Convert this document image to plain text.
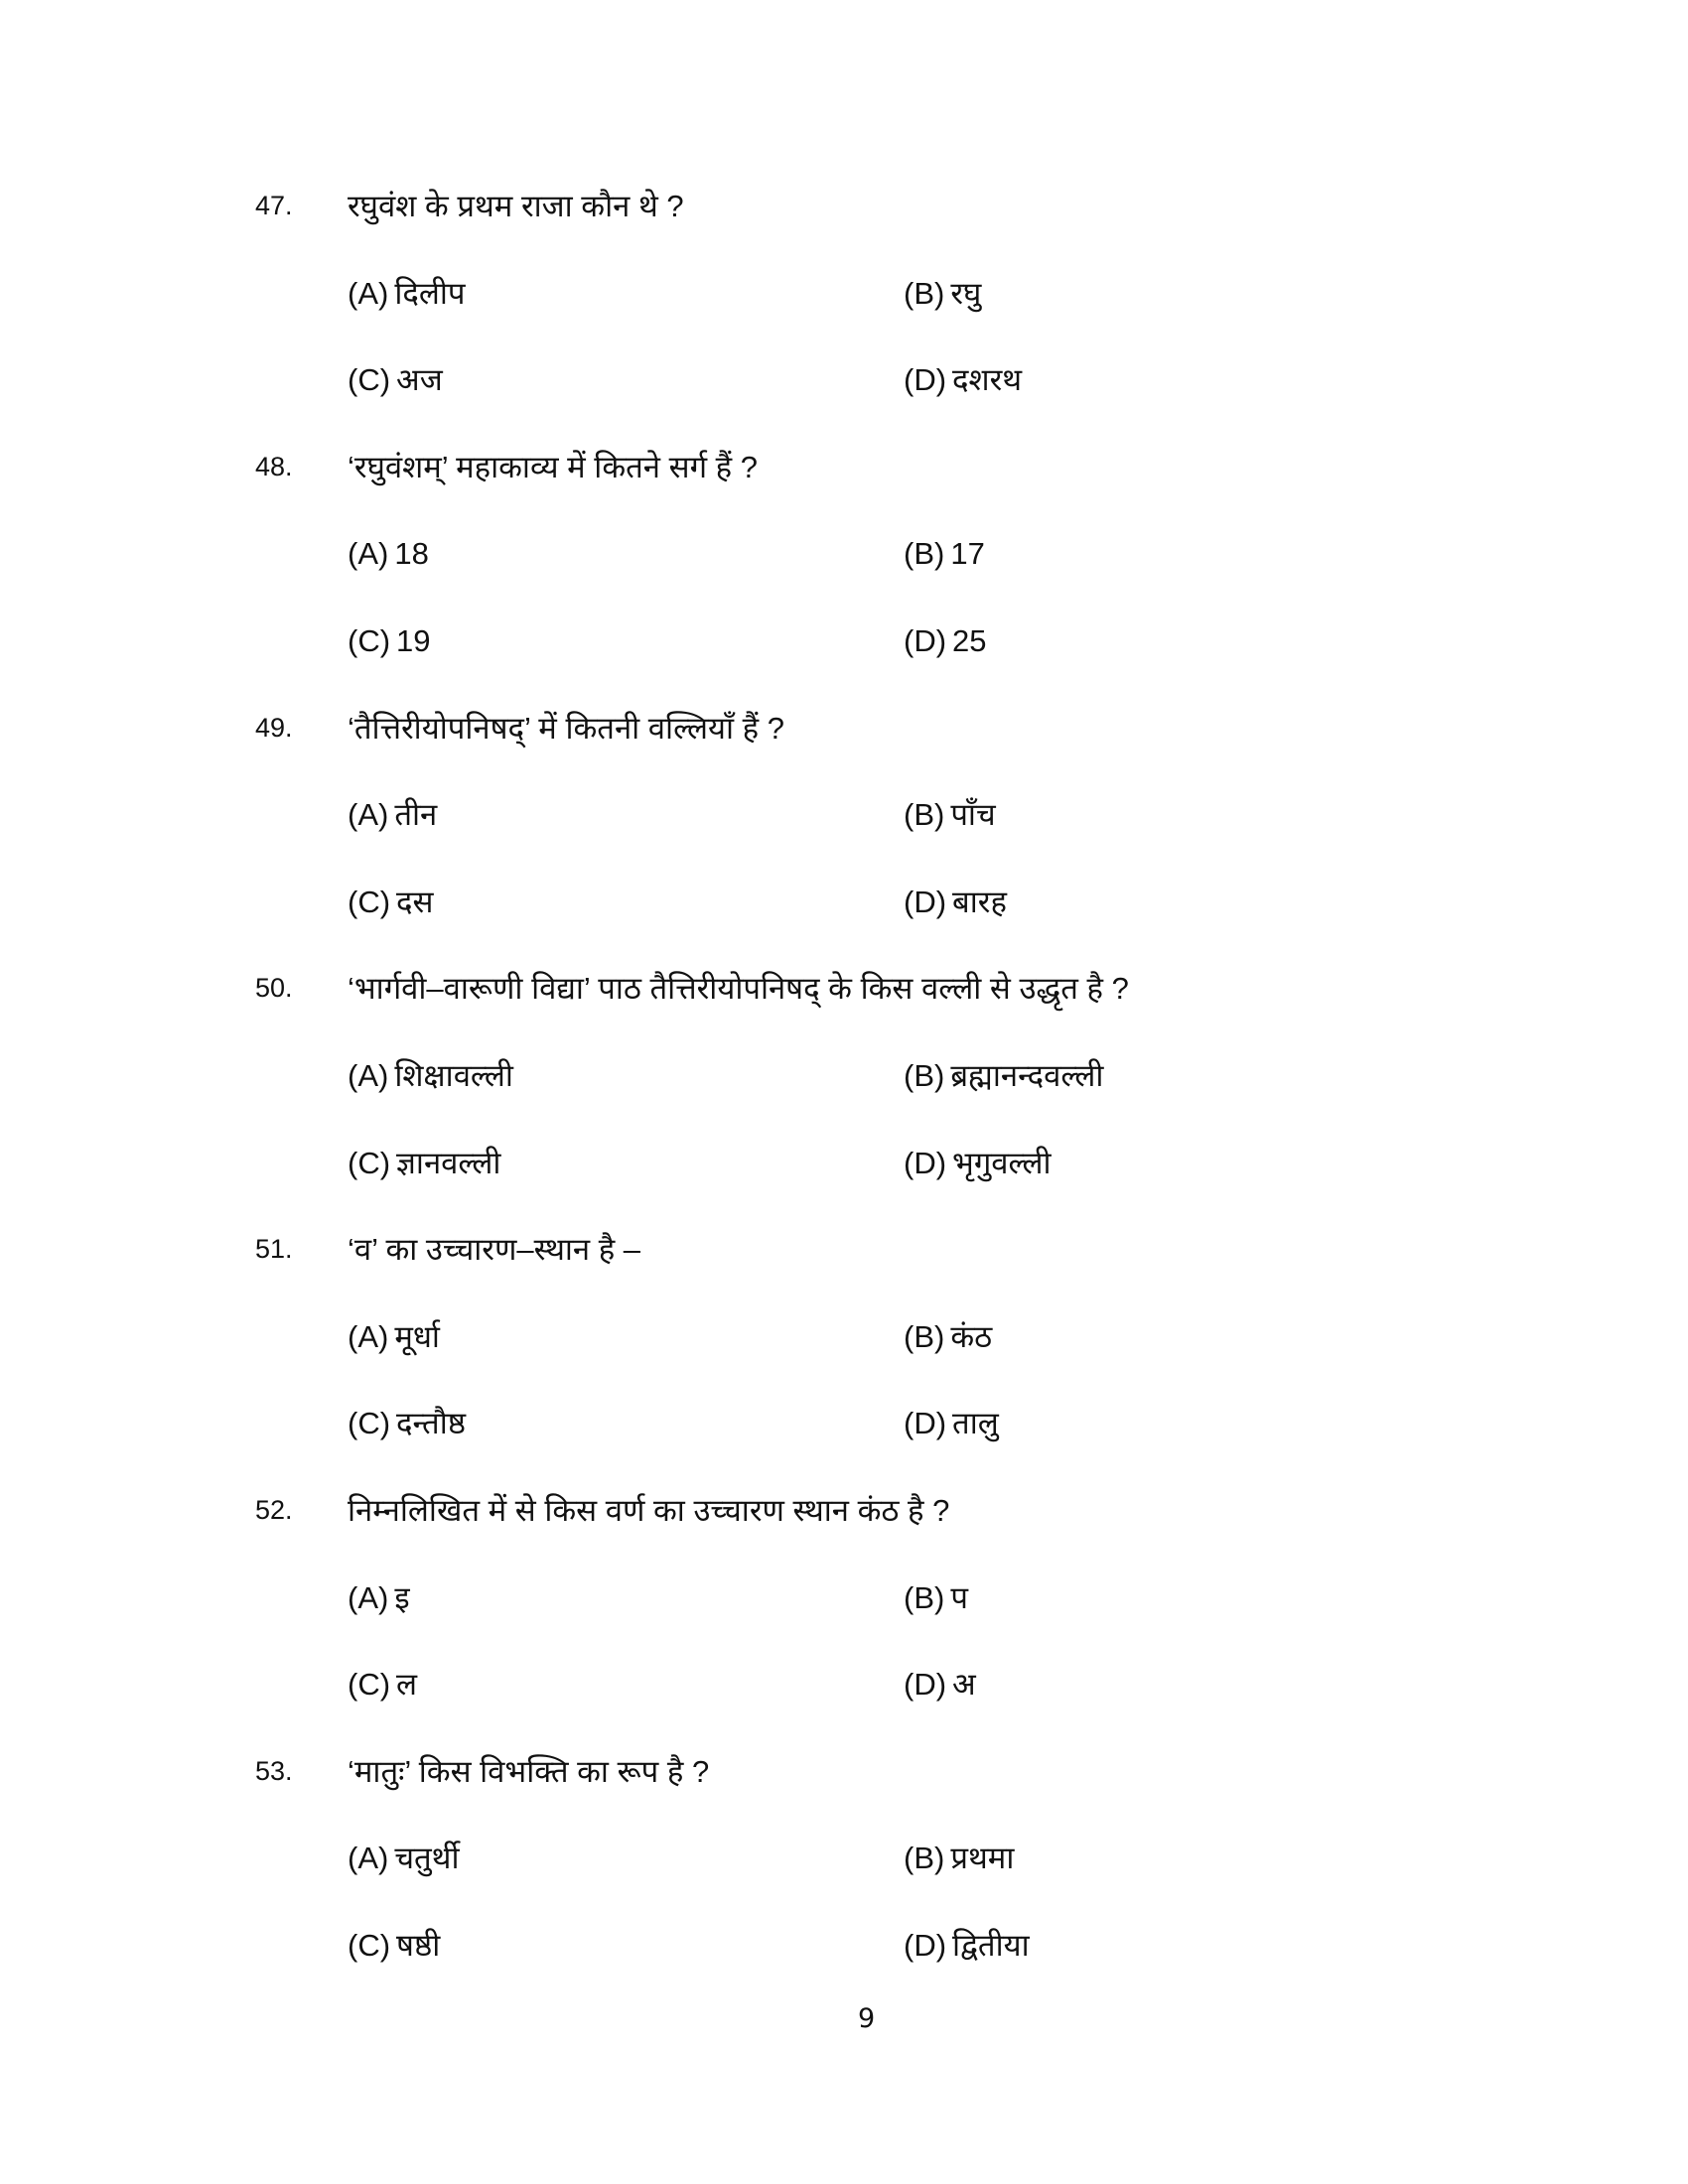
47. रघुवंश के प्रथम राजा कौन थे ?
(A) दिलीप	(B) रघु
(C) अज	(D) दशरथ
48. ‘रघुवंशम्’ महाकाव्य में कितने सर्ग हैं ?
(A) 18	(B) 17
(C) 19	(D) 25
49. ‘तैत्तिरीयोपनिषद्’ में कितनी वल्लियाँ हैं ?
(A) तीन	(B) पाँच
(C) दस	(D) बारह
50. ‘भार्गवी–वारूणी विद्या’ पाठ तैत्तिरीयोपनिषद् के किस वल्ली से उद्धृत है ?
(A) शिक्षावल्ली	(B) ब्रह्मानन्दवल्ली
(C) ज्ञानवल्ली	(D) भृगुवल्ली
51. ‘व’ का उच्चारण–स्थान है –
(A) मूर्धा	(B) कंठ
(C) दन्तौष्ठ	(D) तालु
52. निम्नलिखित में से किस वर्ण का उच्चारण स्थान कंठ है ?
(A) इ	(B) प
(C) ल	(D) अ
53. ‘मातुः’ किस विभक्ति का रूप है ?
(A) चतुर्थी	(B) प्रथमा
(C) षष्ठी	(D) द्वितीया
9
